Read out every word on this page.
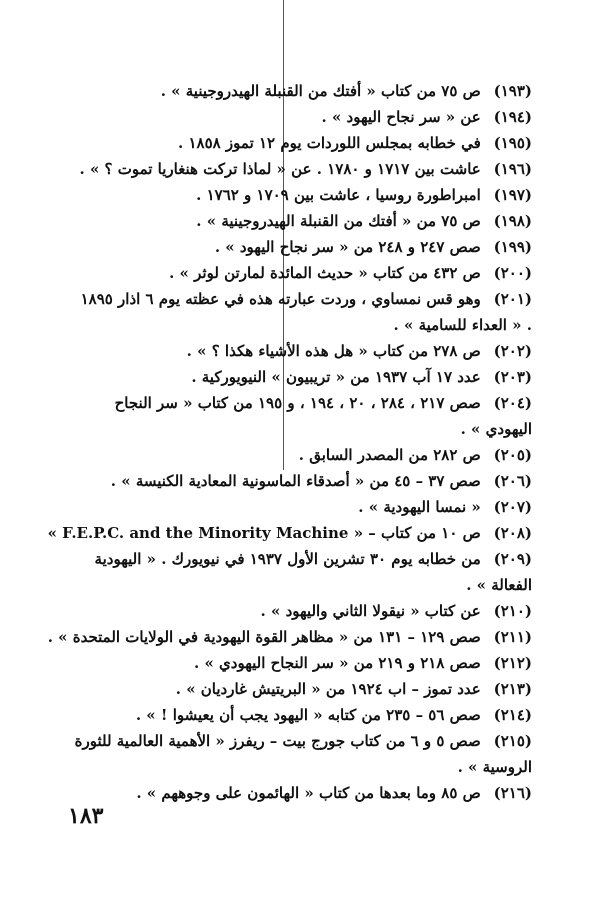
(١٩٣) ص ٧٥ من كتاب « أفتك من القنبلة الهيدروجينية » .
(١٩٤) عن « سر نجاح اليهود » .
(١٩٥) في خطابه بمجلس اللوردات يوم ١٢ تموز ١٨٥٨ .
(١٩٦) عاشت بين ١٧١٧ و ١٧٨٠ . عن « لماذا تركت هنغاريا تموت ؟ » .
(١٩٧) امبراطورة روسيا ، عاشت بين ١٧٠٩ و ١٧٦٢ .
(١٩٨) ص ٧٥ من « أفتك من القنبلة الهيدروجينية » .
(١٩٩) صص ٢٤٧ و ٢٤٨ من « سر نجاح اليهود » .
(٢٠٠) ص ٤٣٢ من كتاب « حديث المائدة لمارتن لوثر » .
(٢٠١) وهو قس نمساوي ، وردت عبارته هذه في عظته يوم ٦ اذار ١٨٩٥ . « العداء للسامية » .
(٢٠٢) ص ٢٧٨ من كتاب « هل هذه الأشياء هكذا ؟ » .
(٢٠٣) عدد ١٧ آب ١٩٣٧ من « تريبيون » النيويوركية .
(٢٠٤) صص ٢١٧ ، ٢٨٤ ، ٢٠ ، ١٩٤ ، و ١٩٥ من كتاب « سر النجاح اليهودي » .
(٢٠٥) ص ٢٨٢ من المصدر السابق .
(٢٠٦) صص ٣٧ – ٤٥ من « أصدقاء الماسونية المعادية الكنيسة » .
(٢٠٧) « نمسا اليهودية » .
(٢٠٨) ص ١٠ من كتاب – « F.E.P.C. and the Minority Machine »
(٢٠٩) من خطابه يوم ٣٠ تشرين الأول ١٩٣٧ في نيويورك . « اليهودية الفعالة » .
(٢١٠) عن كتاب « نيقولا الثاني واليهود » .
(٢١١) صص ١٢٩ – ١٣١ من « مظاهر القوة اليهودية في الولايات المتحدة » .
(٢١٢) صص ٢١٨ و ٢١٩ من « سر النجاح اليهودي » .
(٢١٣) عدد تموز – اب ١٩٢٤ من « البريتيش غارديان » .
(٢١٤) صص ٥٦ – ٢٣٥ من كتابه « اليهود يجب أن يعيشوا ! » .
(٢١٥) صص ٥ و ٦ من كتاب جورج بيت – ريفرز « الأهمية العالمية للثورة الروسية » .
(٢١٦) ص ٨٥ وما بعدها من كتاب « الهائمون على وجوههم » .
١٨٣
